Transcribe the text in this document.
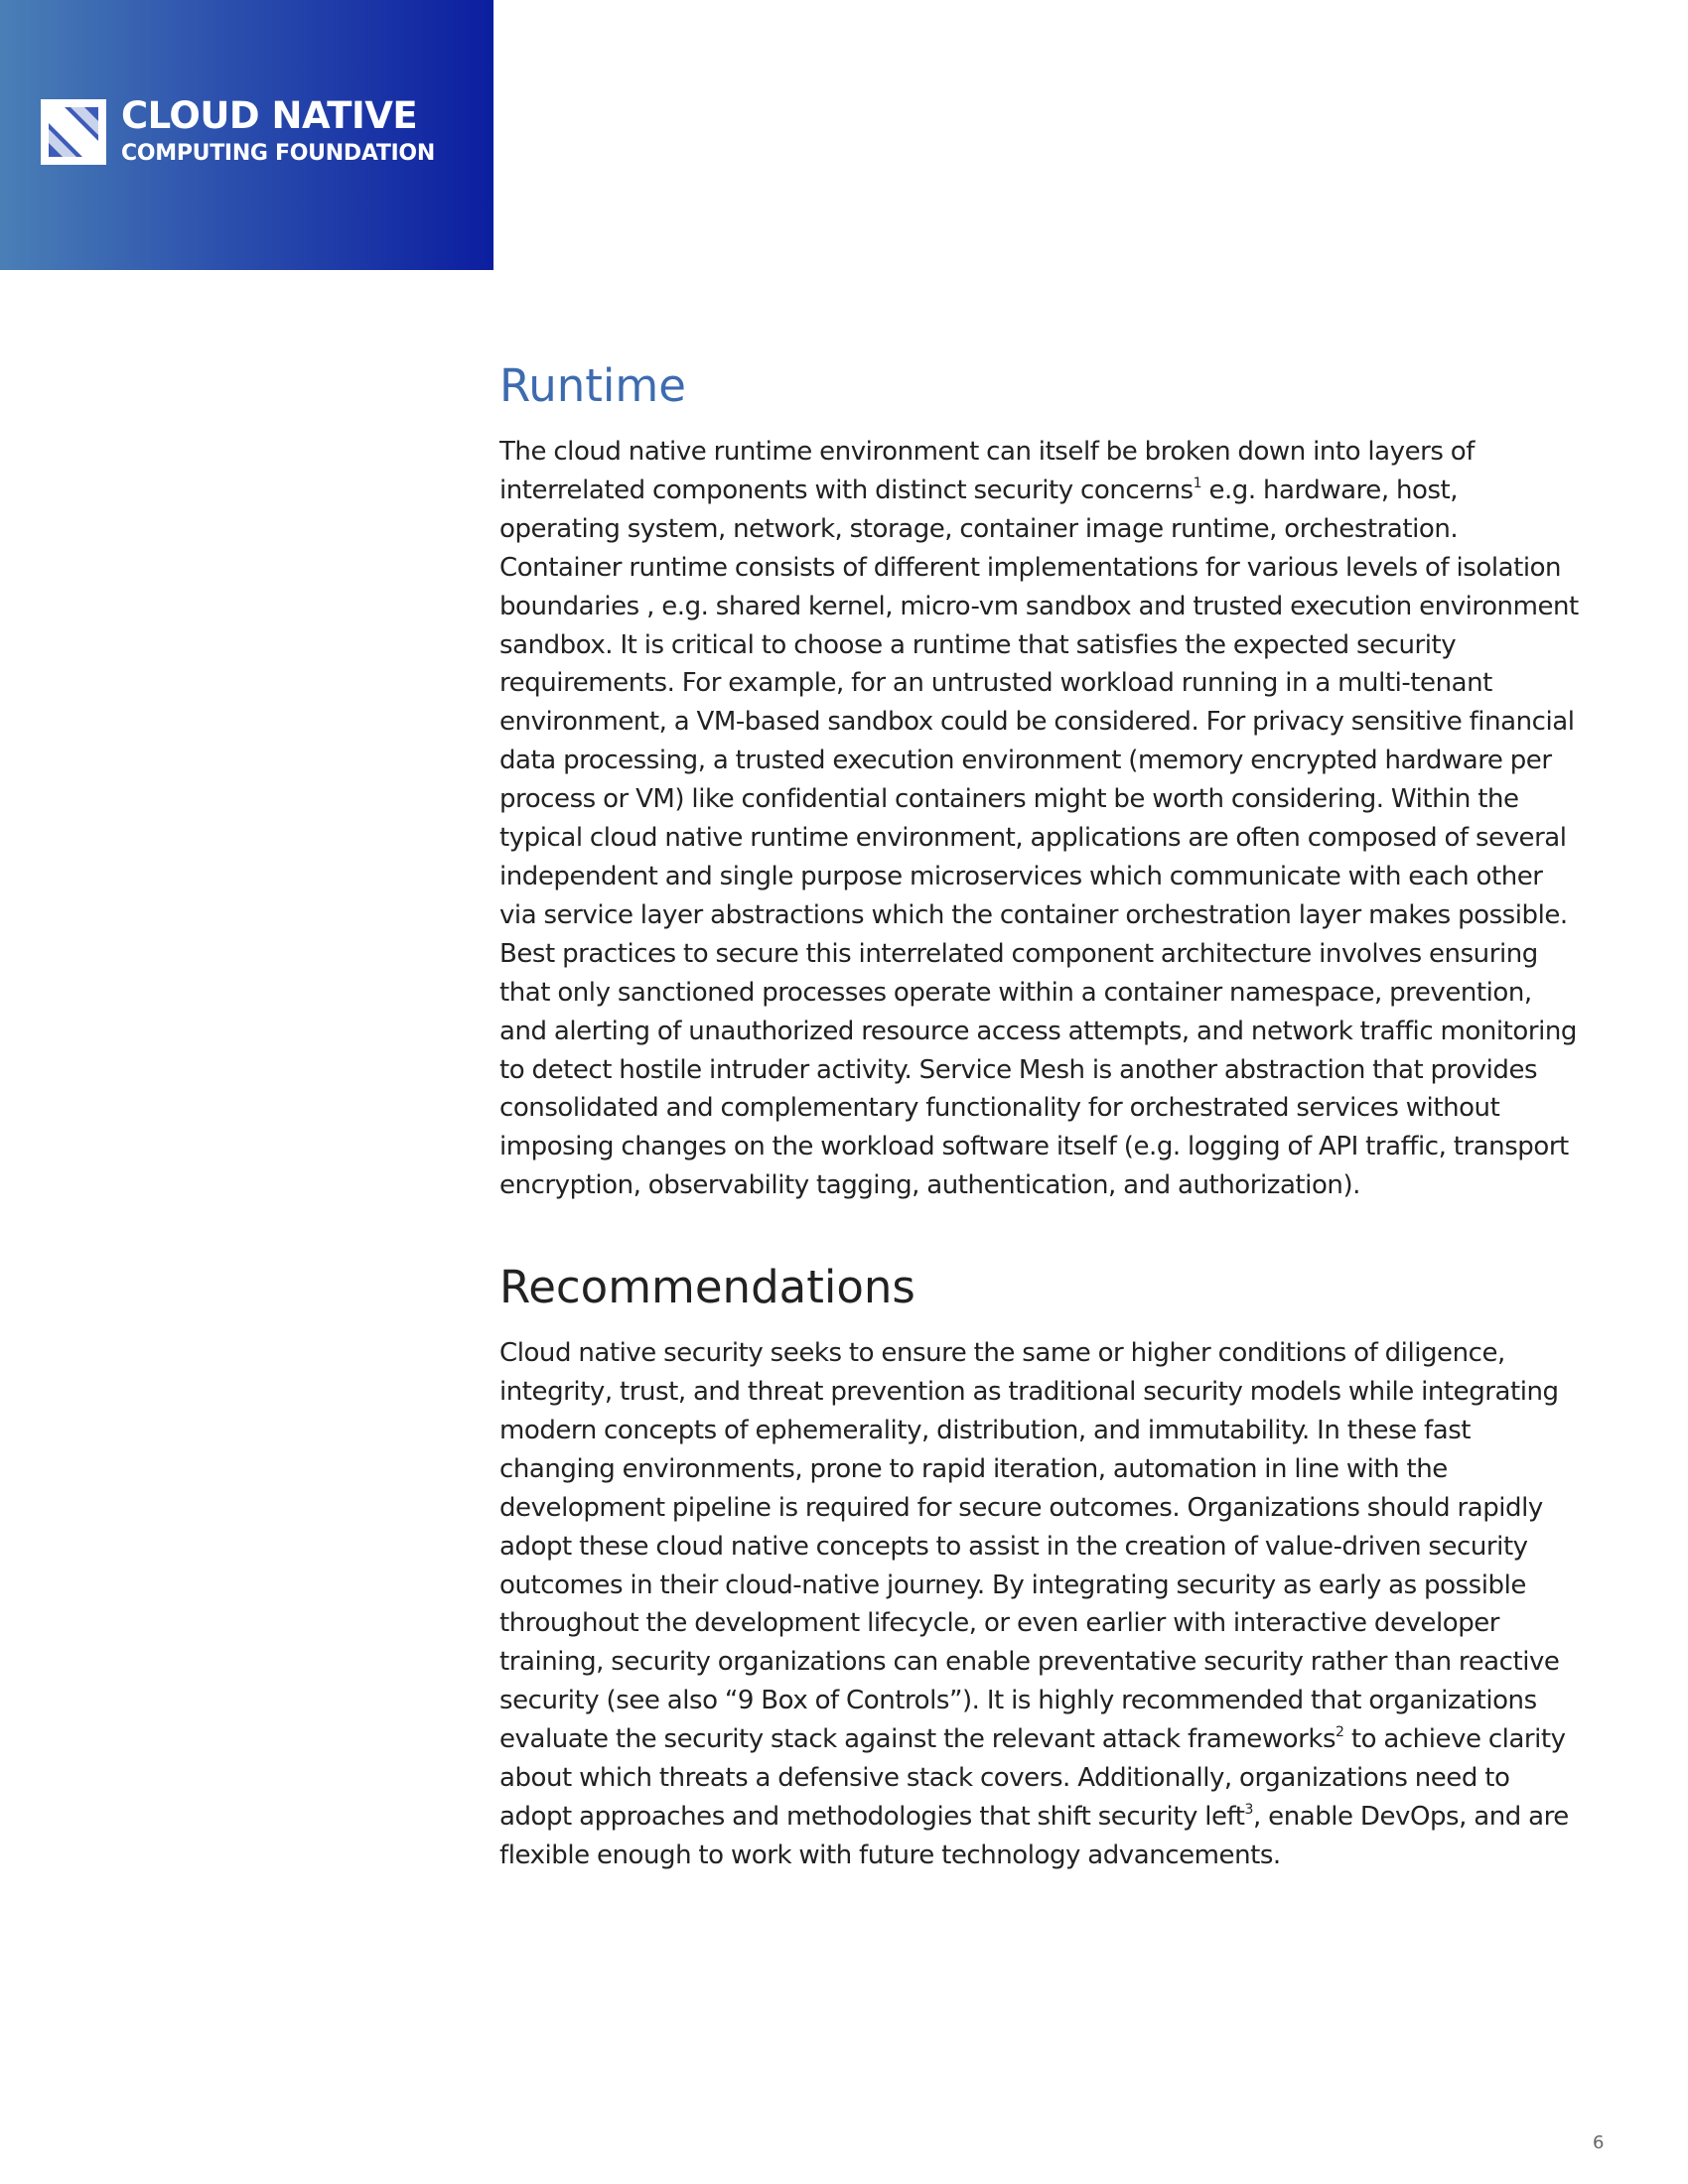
CLOUD NATIVE
COMPUTING FOUNDATION
Runtime

The cloud native runtime environment can itself be broken down into layers of interrelated components with distinct security concerns$^1$ e.g. hardware, host, operating system, network, storage, container image runtime, orchestration. Container runtime consists of different implementations for various levels of isolation boundaries , e.g. shared kernel, micro-vm sandbox and trusted execution environment sandbox. It is critical to choose a runtime that satisfies the expected security requirements. For example, for an untrusted workload running in a multi-tenant environment, a VM-based sandbox could be considered. For privacy sensitive financial data processing, a trusted execution environment (memory encrypted hardware per process or VM) like confidential containers might be worth considering. Within the typical cloud native runtime environment, applications are often composed of several independent and single purpose microservices which communicate with each other via service layer abstractions which the container orchestration layer makes possible. Best practices to secure this interrelated component architecture involves ensuring that only sanctioned processes operate within a container namespace, prevention, and alerting of unauthorized resource access attempts, and network traffic monitoring to detect hostile intruder activity. Service Mesh is another abstraction that provides consolidated and complementary functionality for orchestrated services without imposing changes on the workload software itself (e.g. logging of API traffic, transport encryption, observability tagging, authentication, and authorization).

Recommendations

Cloud native security seeks to ensure the same or higher conditions of diligence, integrity, trust, and threat prevention as traditional security models while integrating modern concepts of ephemerality, distribution, and immutability. In these fast changing environments, prone to rapid iteration, automation in line with the development pipeline is required for secure outcomes. Organizations should rapidly adopt these cloud native concepts to assist in the creation of value-driven security outcomes in their cloud-native journey. By integrating security as early as possible throughout the development lifecycle, or even earlier with interactive developer training, security organizations can enable preventative security rather than reactive security (see also “9 Box of Controls”). It is highly recommended that organizations evaluate the security stack against the relevant attack frameworks$^2$ to achieve clarity about which threats a defensive stack covers. Additionally, organizations need to adopt approaches and methodologies that shift security left$^3$, enable DevOps, and are flexible enough to work with future technology advancements.

6
